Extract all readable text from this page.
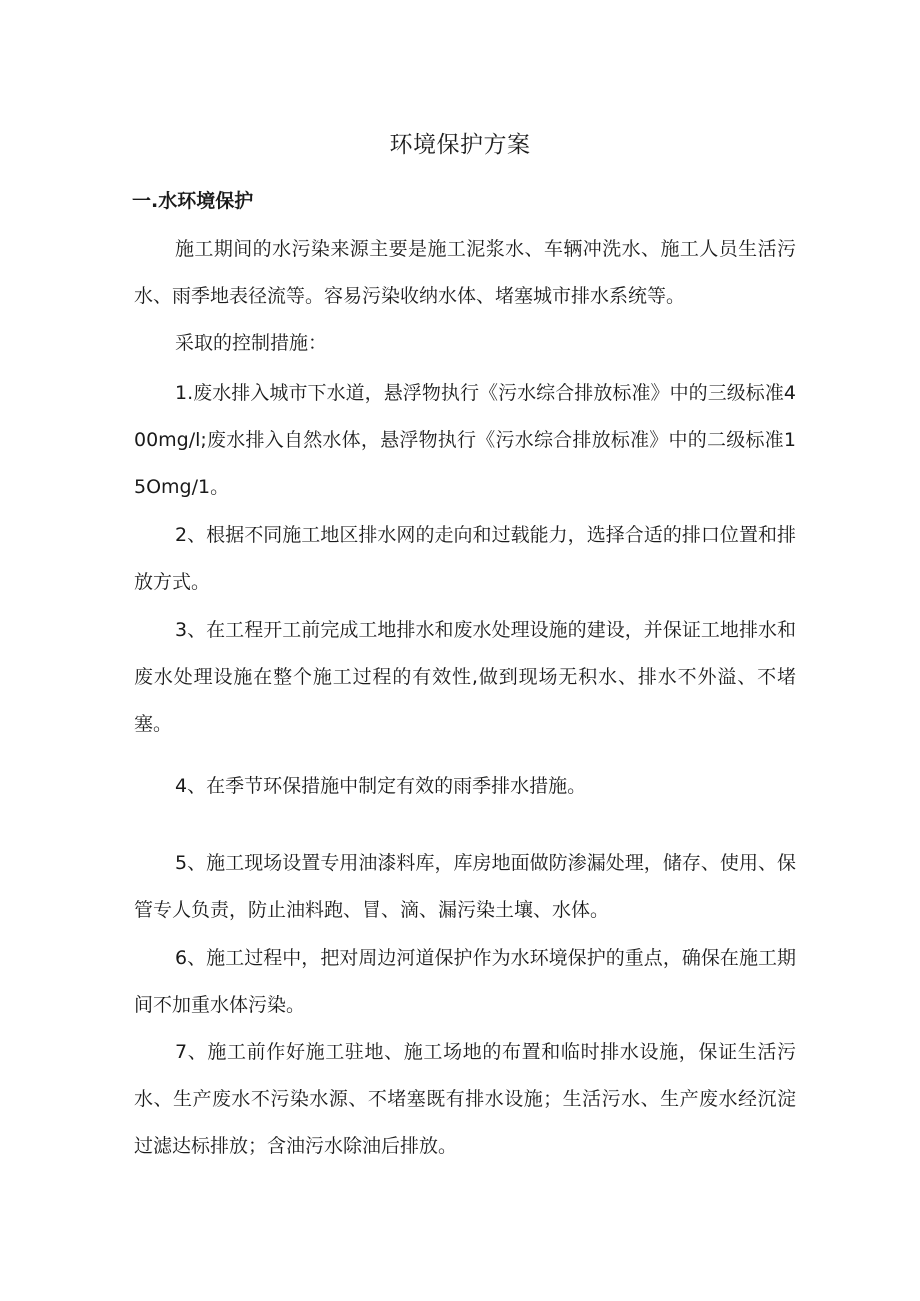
环境保护方案
一.水环境保护

施工期间的水污染来源主要是施工泥浆水、车辆冲洗水、施工人员生活污水、雨季地表径流等。容易污染收纳水体、堵塞城市排水系统等。

采取的控制措施：

1.废水排入城市下水道，悬浮物执行《污水综合排放标准》中的三级标准400mg/l;废水排入自然水体，悬浮物执行《污水综合排放标准》中的二级标准15Omg/1。

2、根据不同施工地区排水网的走向和过载能力，选择合适的排口位置和排放方式。

3、在工程开工前完成工地排水和废水处理设施的建设，并保证工地排水和废水处理设施在整个施工过程的有效性,做到现场无积水、排水不外溢、不堵塞。

4、在季节环保措施中制定有效的雨季排水措施。

5、施工现场设置专用油漆料库，库房地面做防渗漏处理，储存、使用、保管专人负责，防止油料跑、冒、滴、漏污染土壤、水体。

6、施工过程中，把对周边河道保护作为水环境保护的重点，确保在施工期间不加重水体污染。

7、施工前作好施工驻地、施工场地的布置和临时排水设施，保证生活污水、生产废水不污染水源、不堵塞既有排水设施；生活污水、生产废水经沉淀过滤达标排放；含油污水除油后排放。
